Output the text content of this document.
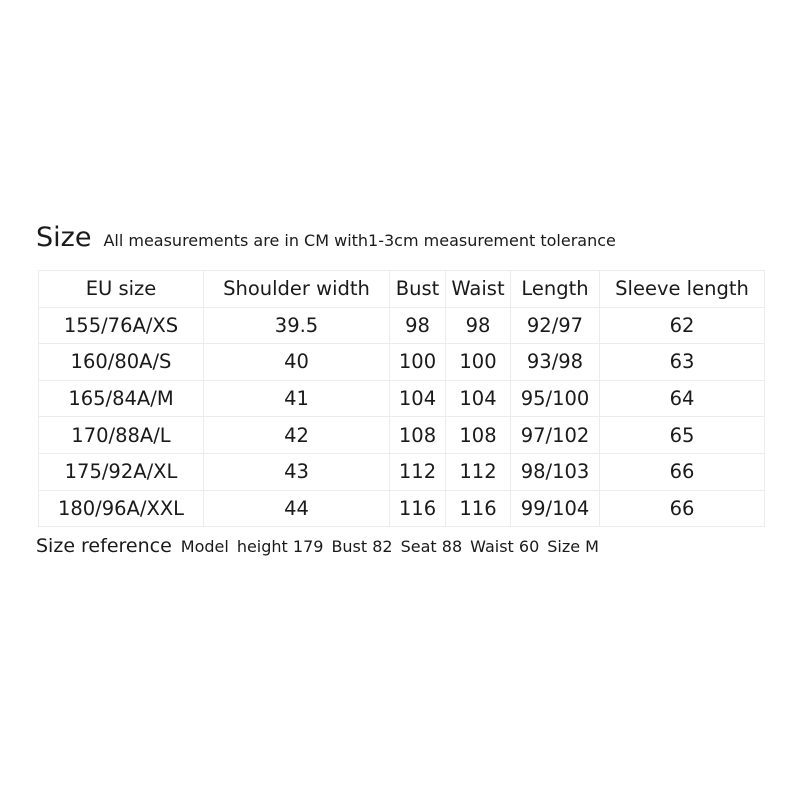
Size All measurements are in CM with1-3cm measurement tolerance
EU size	Shoulder width	Bust	Waist	Length	Sleeve length
155/76A/XS	39.5	98	98	92/97	62
160/80A/S	40	100	100	93/98	63
165/84A/M	41	104	104	95/100	64
170/88A/L	42	108	108	97/102	65
175/92A/XL	43	112	112	98/103	66
180/96A/XXL	44	116	116	99/104	66
Size reference Model height 179 Bust 82 Seat 88 Waist 60 Size M
